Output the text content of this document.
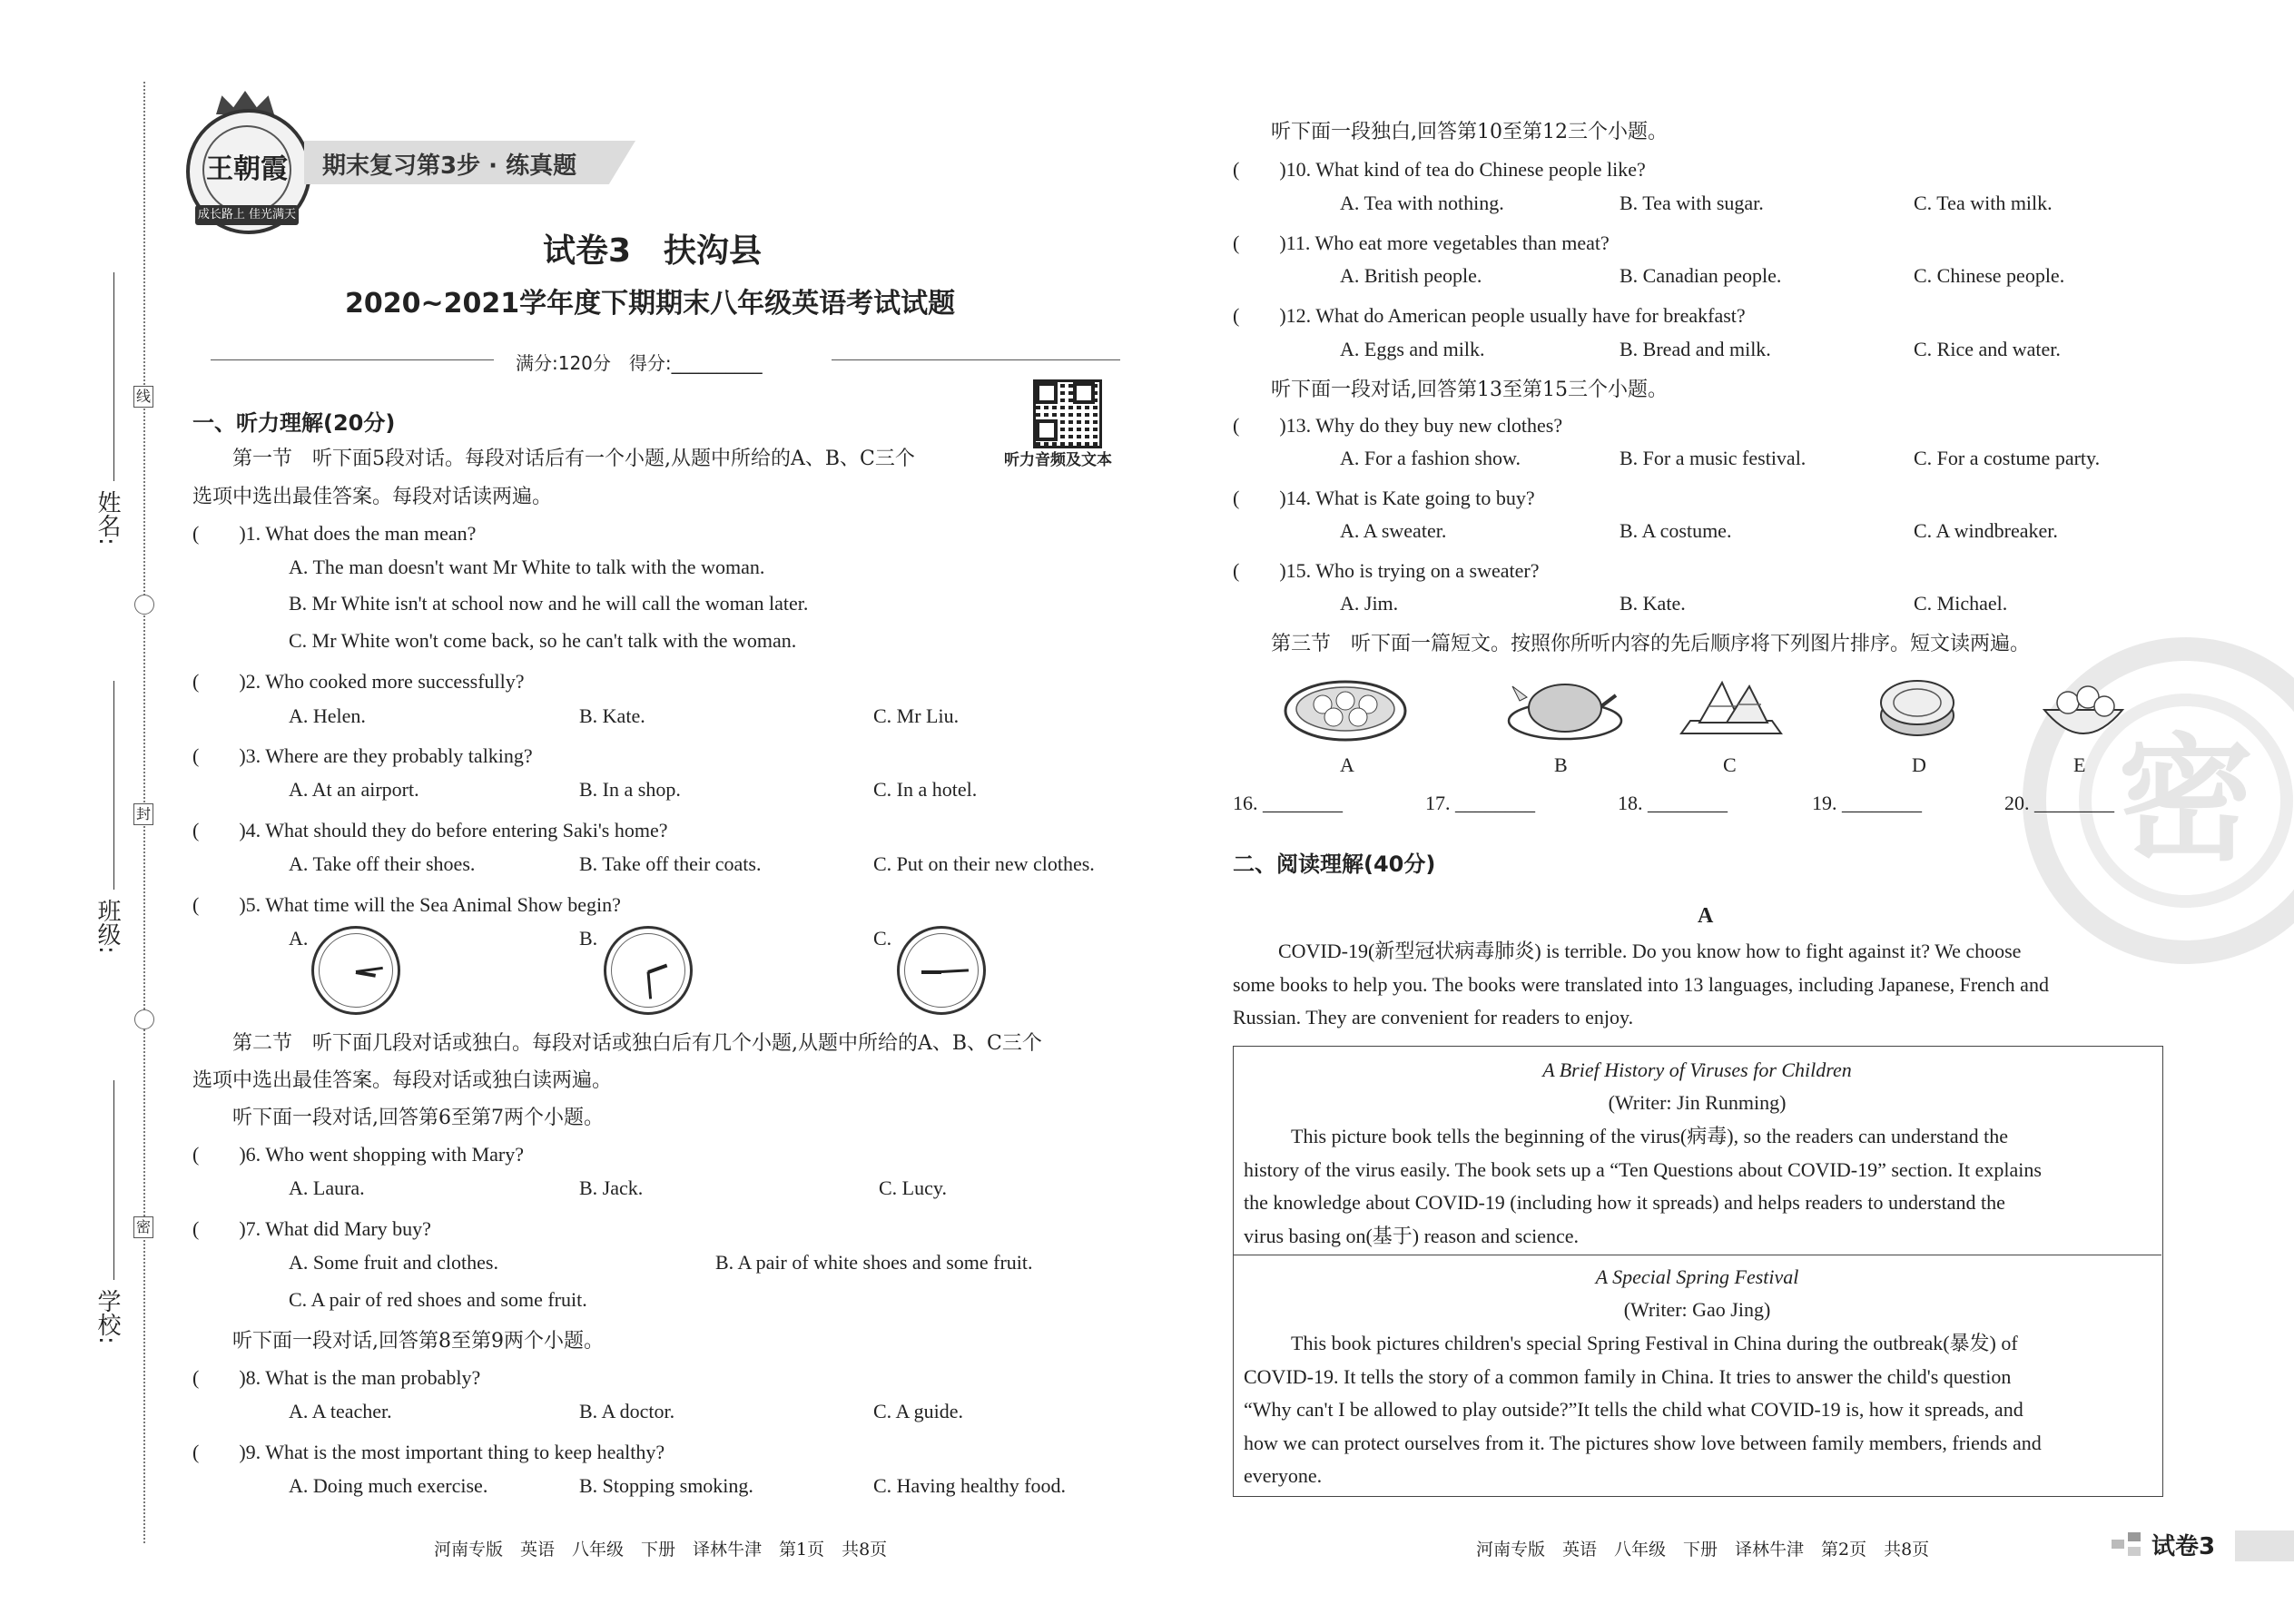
姓名:
班级:
学校:
线
封
密
王朝霞
成长路上 佳光满天
期末复习第3步 · 练真题
试卷3　扶沟县
2020~2021学年度下期期末八年级英语考试试题
满分:120分　得分:__________
听力音频及文本
一、听力理解(20分)
第一节　听下面5段对话。每段对话后有一个小题,从题中所给的A、B、C三个
选项中选出最佳答案。每段对话读两遍。
(　　)1. What does the man mean?
A. The man doesn't want Mr White to talk with the woman.
B. Mr White isn't at school now and he will call the woman later.
C. Mr White won't come back, so he can't talk with the woman.
(　　)2. Who cooked more successfully?
A. Helen.	B. Kate.	C. Mr Liu.
(　　)3. Where are they probably talking?
A. At an airport.	B. In a shop.	C. In a hotel.
(　　)4. What should they do before entering Saki's home?
A. Take off their shoes.	B. Take off their coats.	C. Put on their new clothes.
(　　)5. What time will the Sea Animal Show begin?
A.	B.	C.
第二节　听下面几段对话或独白。每段对话或独白后有几个小题,从题中所给的A、B、C三个
选项中选出最佳答案。每段对话或独白读两遍。
听下面一段对话,回答第6至第7两个小题。
(　　)6. Who went shopping with Mary?
A. Laura.	B. Jack.	C. Lucy.
(　　)7. What did Mary buy?
A. Some fruit and clothes.	B. A pair of white shoes and some fruit.
C. A pair of red shoes and some fruit.
听下面一段对话,回答第8至第9两个小题。
(　　)8. What is the man probably?
A. A teacher.	B. A doctor.	C. A guide.
(　　)9. What is the most important thing to keep healthy?
A. Doing much exercise.	B. Stopping smoking.	C. Having healthy food.
河南专版　英语　八年级　下册　译林牛津　第1页　共8页
密
听下面一段独白,回答第10至第12三个小题。
(　　)10. What kind of tea do Chinese people like?
A. Tea with nothing.	B. Tea with sugar.	C. Tea with milk.
(　　)11. Who eat more vegetables than meat?
A. British people.	B. Canadian people.	C. Chinese people.
(　　)12. What do American people usually have for breakfast?
A. Eggs and milk.	B. Bread and milk.	C. Rice and water.
听下面一段对话,回答第13至第15三个小题。
(　　)13. Why do they buy new clothes?
A. For a fashion show.	B. For a music festival.	C. For a costume party.
(　　)14. What is Kate going to buy?
A. A sweater.	B. A costume.	C. A windbreaker.
(　　)15. Who is trying on a sweater?
A. Jim.	B. Kate.	C. Michael.
第三节　听下面一篇短文。按照你所听内容的先后顺序将下列图片排序。短文读两遍。
A	B	C	D	E
16. ________	17. ________	18. ________	19. ________	20. ________
二、阅读理解(40分)
A
COVID-19(新型冠状病毒肺炎) is terrible. Do you know how to fight against it? We choose
some books to help you. The books were translated into 13 languages, including Japanese, French and
Russian. They are convenient for readers to enjoy.
A Brief History of Viruses for Children
(Writer: Jin Runming)
This picture book tells the beginning of the virus(病毒), so the readers can understand the
history of the virus easily. The book sets up a “Ten Questions about COVID-19” section. It explains
the knowledge about COVID-19 (including how it spreads) and helps readers to understand the
virus basing on(基于) reason and science.
A Special Spring Festival
(Writer: Gao Jing)
This book pictures children's special Spring Festival in China during the outbreak(暴发) of
COVID-19. It tells the story of a common family in China. It tries to answer the child's question
“Why can't I be allowed to play outside?”It tells the child what COVID-19 is, how it spreads, and
how we can protect ourselves from it. The pictures show love between family members, friends and
everyone.
河南专版　英语　八年级　下册　译林牛津　第2页　共8页	试卷3
